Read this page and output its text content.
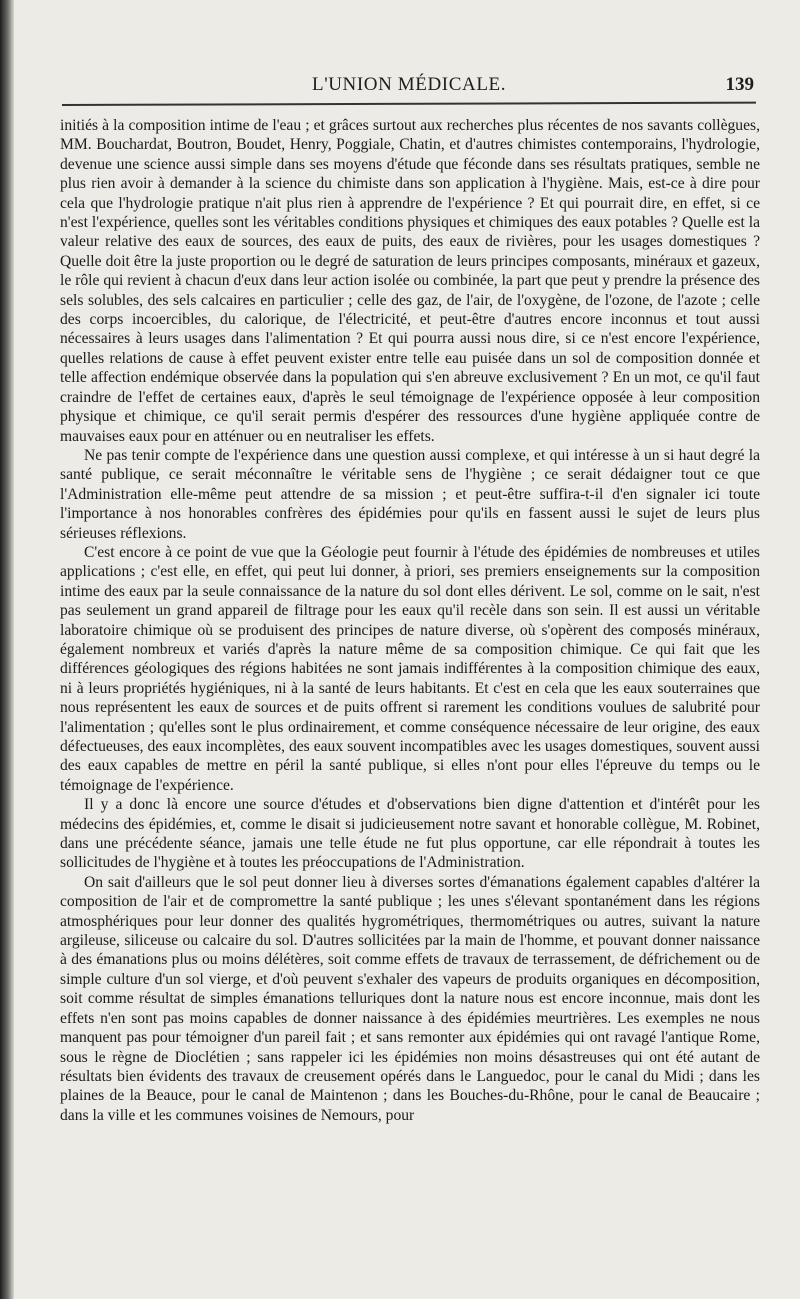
L'UNION MÉDICALE.	139

initiés à la composition intime de l'eau ; et grâces surtout aux recherches plus récentes de nos savants collègues, MM. Bouchardat, Boutron, Boudet, Henry, Poggiale, Chatin, et d'autres chimistes contemporains, l'hydrologie, devenue une science aussi simple dans ses moyens d'étude que féconde dans ses résultats pratiques, semble ne plus rien avoir à demander à la science du chimiste dans son application à l'hygiène. Mais, est-ce à dire pour cela que l'hydrologie pratique n'ait plus rien à apprendre de l'expérience ? Et qui pourrait dire, en effet, si ce n'est l'expérience, quelles sont les véritables conditions physiques et chimiques des eaux potables ? Quelle est la valeur relative des eaux de sources, des eaux de puits, des eaux de rivières, pour les usages domestiques ? Quelle doit être la juste proportion ou le degré de saturation de leurs principes composants, minéraux et gazeux, le rôle qui revient à chacun d'eux dans leur action isolée ou combinée, la part que peut y prendre la présence des sels solubles, des sels calcaires en particulier ; celle des gaz, de l'air, de l'oxygène, de l'ozone, de l'azote ; celle des corps incoercibles, du calorique, de l'électricité, et peut-être d'autres encore inconnus et tout aussi nécessaires à leurs usages dans l'alimentation ? Et qui pourra aussi nous dire, si ce n'est encore l'expérience, quelles relations de cause à effet peuvent exister entre telle eau puisée dans un sol de composition donnée et telle affection endémique observée dans la population qui s'en abreuve exclusivement ? En un mot, ce qu'il faut craindre de l'effet de certaines eaux, d'après le seul témoignage de l'expérience opposée à leur composition physique et chimique, ce qu'il serait permis d'espérer des ressources d'une hygiène appliquée contre de mauvaises eaux pour en atténuer ou en neutraliser les effets.

Ne pas tenir compte de l'expérience dans une question aussi complexe, et qui intéresse à un si haut degré la santé publique, ce serait méconnaître le véritable sens de l'hygiène ; ce serait dédaigner tout ce que l'Administration elle-même peut attendre de sa mission ; et peut-être suffira-t-il d'en signaler ici toute l'importance à nos honorables confrères des épidémies pour qu'ils en fassent aussi le sujet de leurs plus sérieuses réflexions.

C'est encore à ce point de vue que la Géologie peut fournir à l'étude des épidémies de nombreuses et utiles applications ; c'est elle, en effet, qui peut lui donner, à priori, ses premiers enseignements sur la composition intime des eaux par la seule connaissance de la nature du sol dont elles dérivent. Le sol, comme on le sait, n'est pas seulement un grand appareil de filtrage pour les eaux qu'il recèle dans son sein. Il est aussi un véritable laboratoire chimique où se produisent des principes de nature diverse, où s'opèrent des composés minéraux, également nombreux et variés d'après la nature même de sa composition chimique. Ce qui fait que les différences géologiques des régions habitées ne sont jamais indifférentes à la composition chimique des eaux, ni à leurs propriétés hygiéniques, ni à la santé de leurs habitants. Et c'est en cela que les eaux souterraines que nous représentent les eaux de sources et de puits offrent si rarement les conditions voulues de salubrité pour l'alimentation ; qu'elles sont le plus ordinairement, et comme conséquence nécessaire de leur origine, des eaux défectueuses, des eaux incomplètes, des eaux souvent incompatibles avec les usages domestiques, souvent aussi des eaux capables de mettre en péril la santé publique, si elles n'ont pour elles l'épreuve du temps ou le témoignage de l'expérience.

Il y a donc là encore une source d'études et d'observations bien digne d'attention et d'intérêt pour les médecins des épidémies, et, comme le disait si judicieusement notre savant et honorable collègue, M. Robinet, dans une précédente séance, jamais une telle étude ne fut plus opportune, car elle répondrait à toutes les sollicitudes de l'hygiène et à toutes les préoccupations de l'Administration.

On sait d'ailleurs que le sol peut donner lieu à diverses sortes d'émanations également capables d'altérer la composition de l'air et de compromettre la santé publique ; les unes s'élevant spontanément dans les régions atmosphériques pour leur donner des qualités hygrométriques, thermométriques ou autres, suivant la nature argileuse, siliceuse ou calcaire du sol. D'autres sollicitées par la main de l'homme, et pouvant donner naissance à des émanations plus ou moins délétères, soit comme effets de travaux de terrassement, de défrichement ou de simple culture d'un sol vierge, et d'où peuvent s'exhaler des vapeurs de produits organiques en décomposition, soit comme résultat de simples émanations telluriques dont la nature nous est encore inconnue, mais dont les effets n'en sont pas moins capables de donner naissance à des épidémies meurtrières. Les exemples ne nous manquent pas pour témoigner d'un pareil fait ; et sans remonter aux épidémies qui ont ravagé l'antique Rome, sous le règne de Dioclétien ; sans rappeler ici les épidémies non moins désastreuses qui ont été autant de résultats bien évidents des travaux de creusement opérés dans le Languedoc, pour le canal du Midi ; dans les plaines de la Beauce, pour le canal de Maintenon ; dans les Bouches-du-Rhône, pour le canal de Beaucaire ; dans la ville et les communes voisines de Nemours, pour
